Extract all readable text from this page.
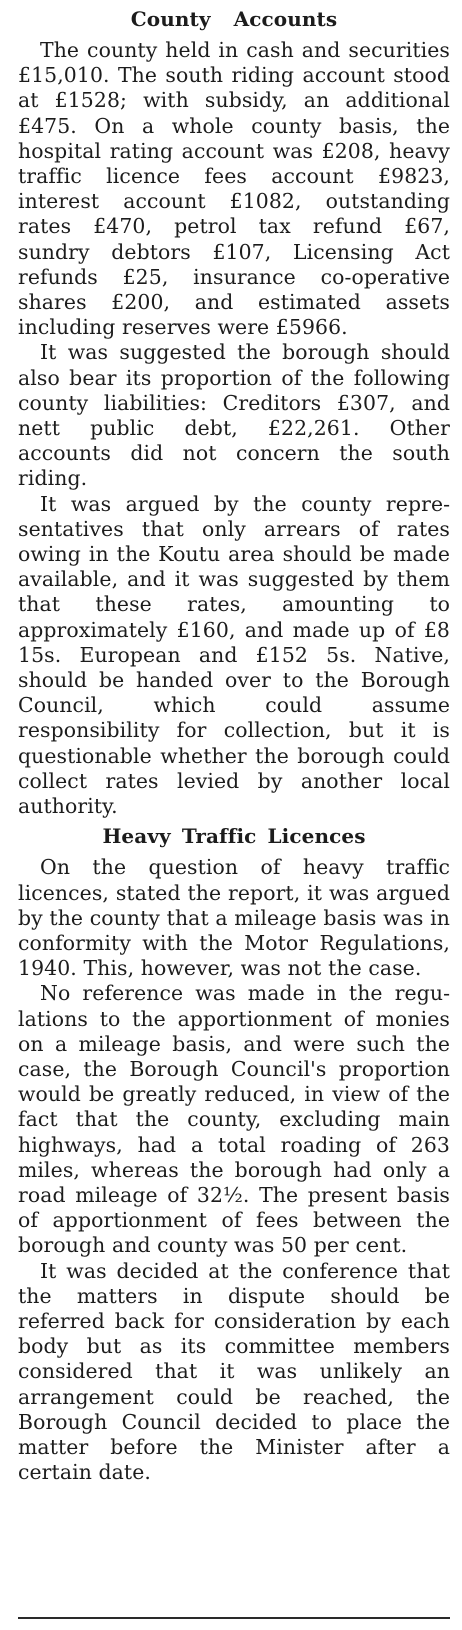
County Accounts

The county held in cash and securities £15,010. The south riding account stood at £1528; with subsidy, an additional £475. On a whole county basis, the hospital rating account was £208, heavy traffic licence fees account £9823, interest account £1082, outstanding rates £470, petrol tax refund £67, sundry debtors £107, Licensing Act refunds £25, insurance co-operative shares £200, and estimated assets including reserves were £5966.

It was suggested the borough should also bear its proportion of the following county liabilities: Creditors £307, and nett public debt, £22,261. Other accounts did not concern the south riding.

It was argued by the county representatives that only arrears of rates owing in the Koutu area should be made available, and it was suggested by them that these rates, amounting to approximately £160, and made up of £8 15s. European and £152 5s. Native, should be handed over to the Borough Council, which could assume responsibility for collection, but it is questionable whether the borough could collect rates levied by another local authority.

Heavy Traffic Licences

On the question of heavy traffic licences, stated the report, it was argued by the county that a mileage basis was in conformity with the Motor Regulations, 1940. This, however, was not the case.

No reference was made in the regulations to the apportionment of monies on a mileage basis, and were such the case, the Borough Council's proportion would be greatly reduced, in view of the fact that the county, excluding main highways, had a total roading of 263 miles, whereas the borough had only a road mileage of 32½. The present basis of apportionment of fees between the borough and county was 50 per cent.

It was decided at the conference that the matters in dispute should be referred back for consideration by each body but as its committee members considered that it was unlikely an arrangement could be reached, the Borough Council decided to place the matter before the Minister after a certain date.
